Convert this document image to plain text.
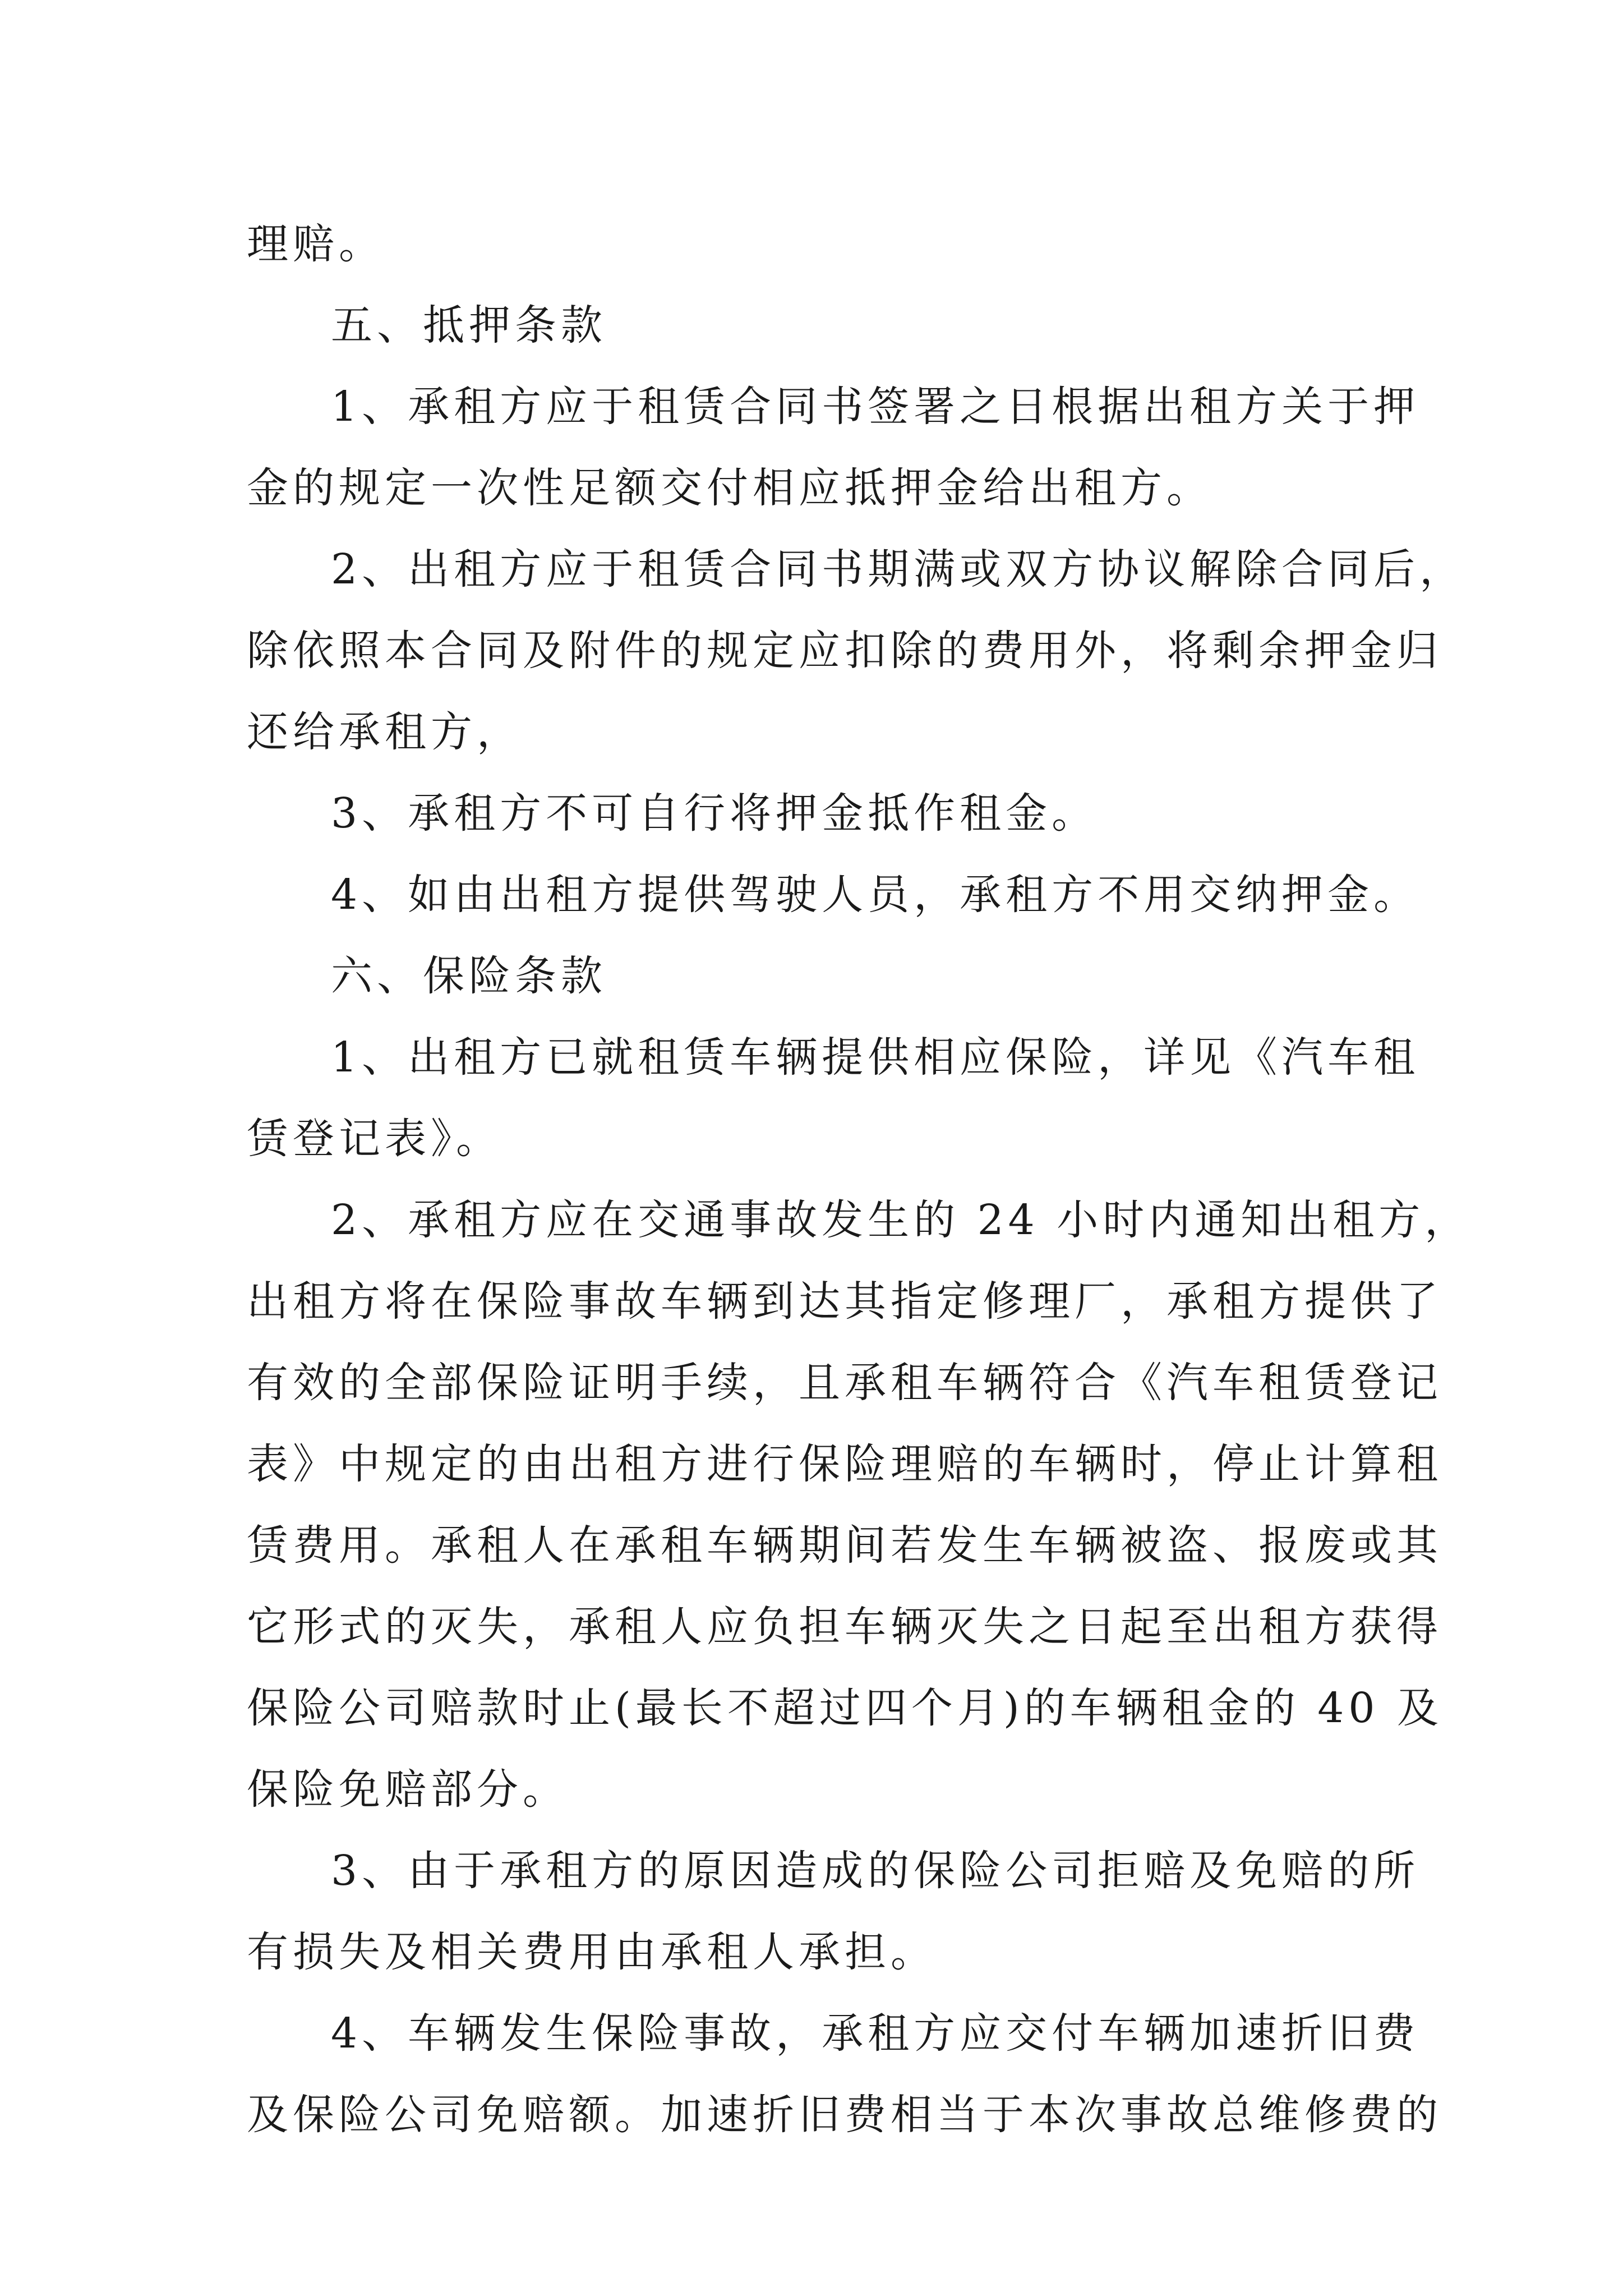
理赔。
五、抵押条款
1、承租方应于租赁合同书签署之日根据出租方关于押
金的规定一次性足额交付相应抵押金给出租方。
2、出租方应于租赁合同书期满或双方协议解除合同后，
除依照本合同及附件的规定应扣除的费用外，将剩余押金归
还给承租方，
3、承租方不可自行将押金抵作租金。
4、如由出租方提供驾驶人员，承租方不用交纳押金。
六、保险条款
1、出租方已就租赁车辆提供相应保险，详见《汽车租
赁登记表》。
2、承租方应在交通事故发生的 24 小时内通知出租方，
出租方将在保险事故车辆到达其指定修理厂，承租方提供了
有效的全部保险证明手续，且承租车辆符合《汽车租赁登记
表》中规定的由出租方进行保险理赔的车辆时，停止计算租
赁费用。承租人在承租车辆期间若发生车辆被盗、报废或其
它形式的灭失，承租人应负担车辆灭失之日起至出租方获得
保险公司赔款时止(最长不超过四个月)的车辆租金的 40 及
保险免赔部分。
3、由于承租方的原因造成的保险公司拒赔及免赔的所
有损失及相关费用由承租人承担。
4、车辆发生保险事故，承租方应交付车辆加速折旧费
及保险公司免赔额。加速折旧费相当于本次事故总维修费的
